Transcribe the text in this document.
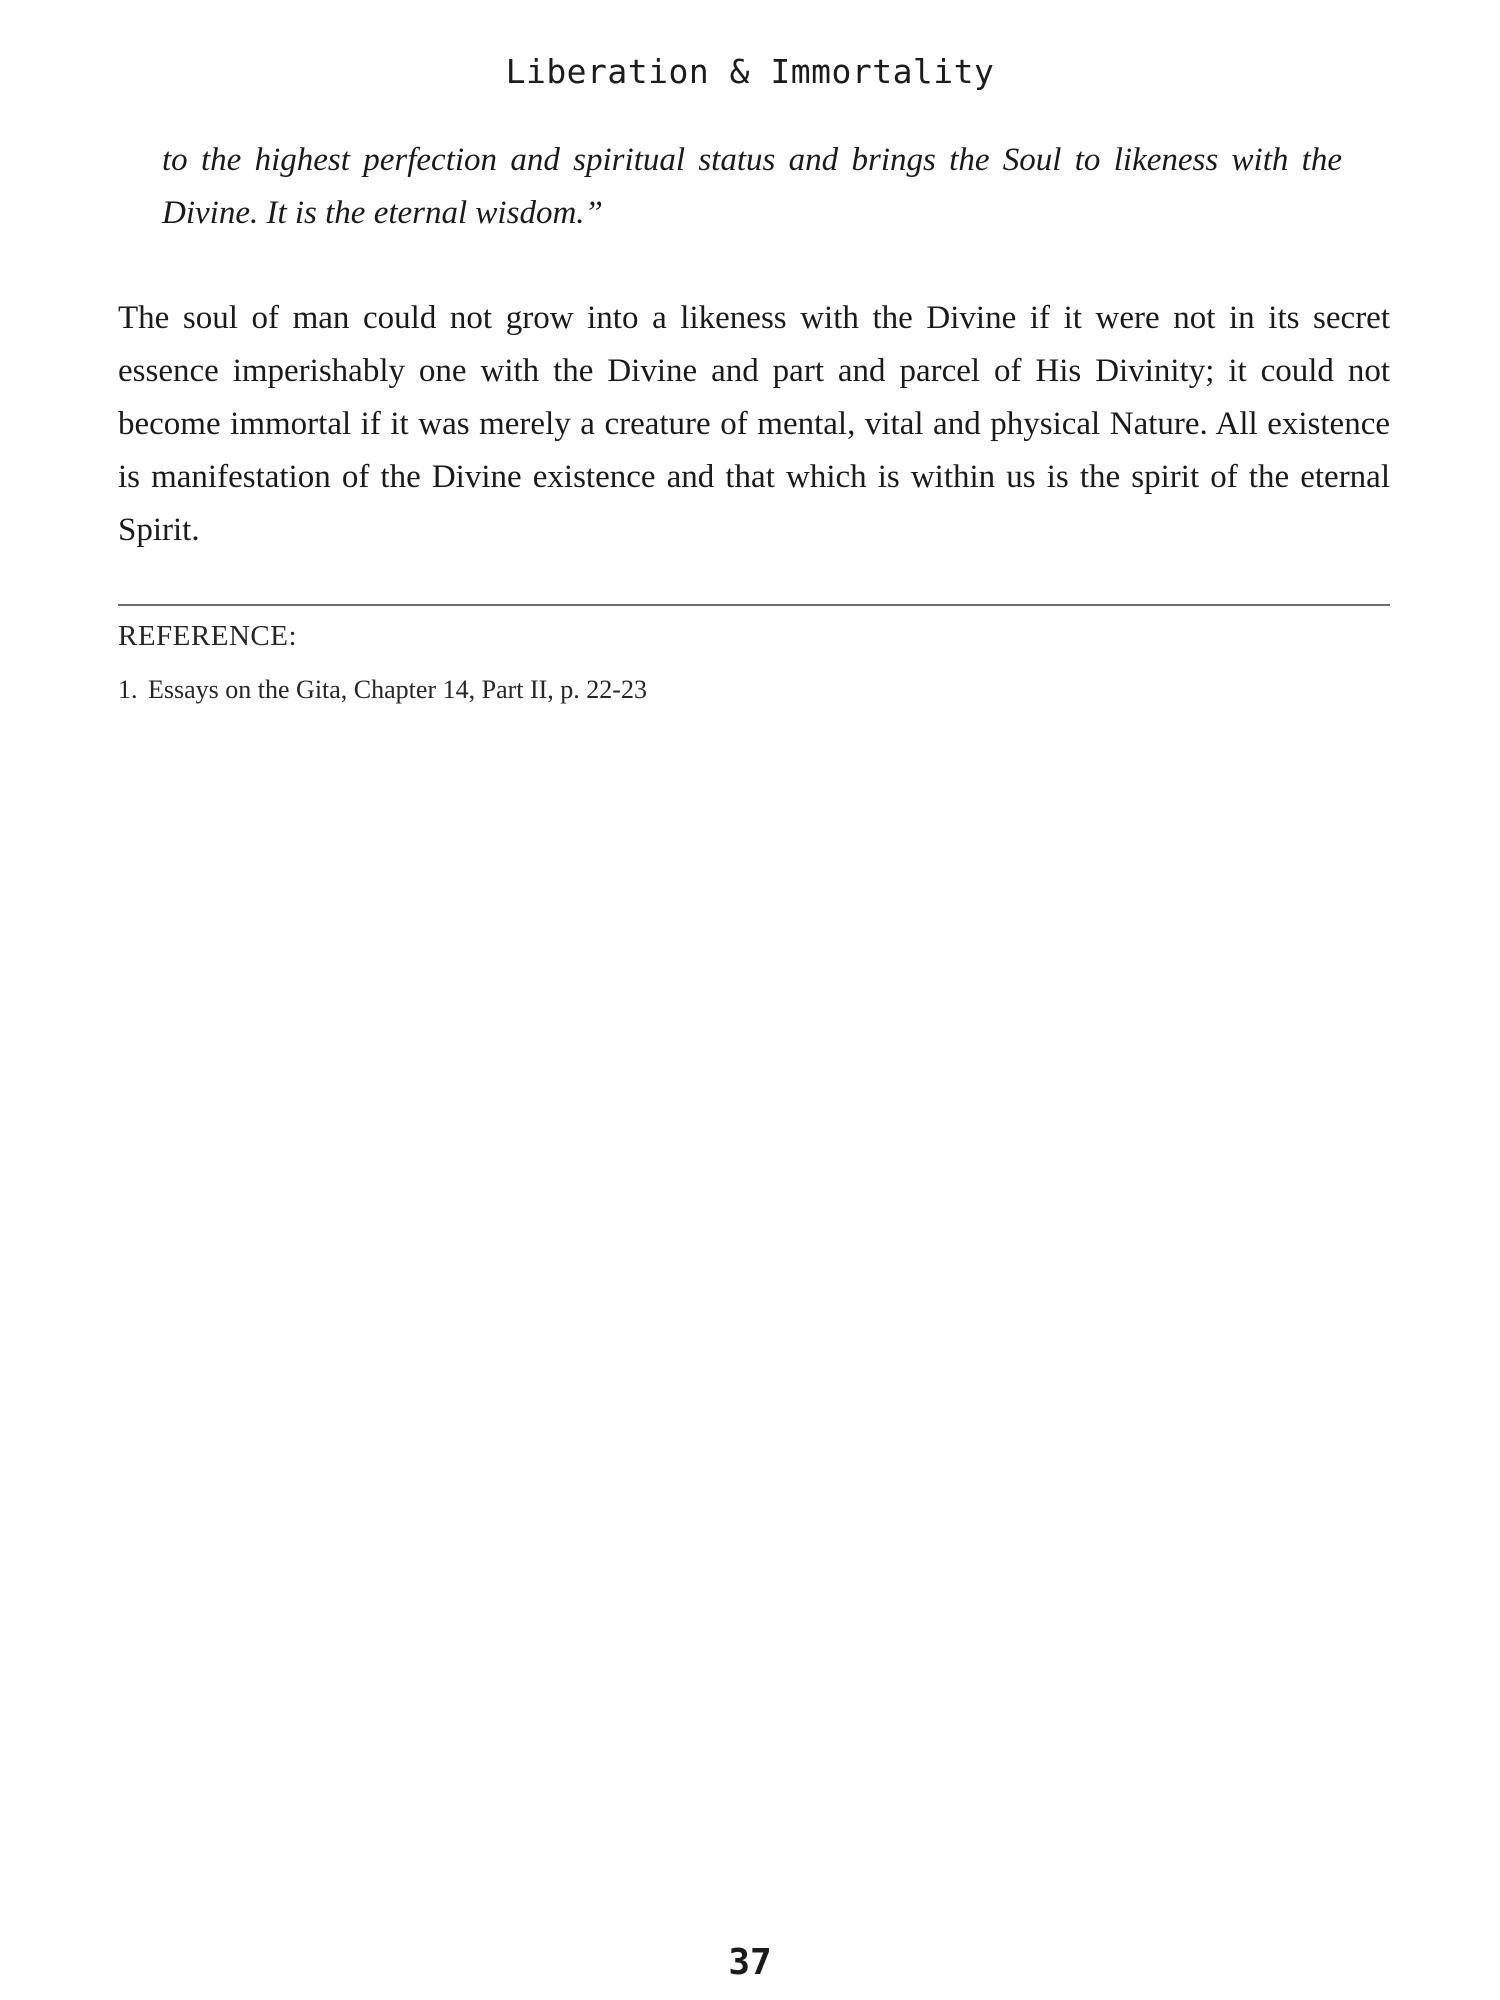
Liberation & Immortality

to the highest perfection and spiritual status and brings the Soul to likeness with the Divine. It is the eternal wisdom.”

The soul of man could not grow into a likeness with the Divine if it were not in its secret essence imperishably one with the Divine and part and parcel of His Divinity; it could not become immortal if it was merely a creature of mental, vital and physical Nature. All existence is manifestation of the Divine existence and that which is within us is the spirit of the eternal Spirit.

REFERENCE:
1. Essays on the Gita, Chapter 14, Part II, p. 22-23
37
